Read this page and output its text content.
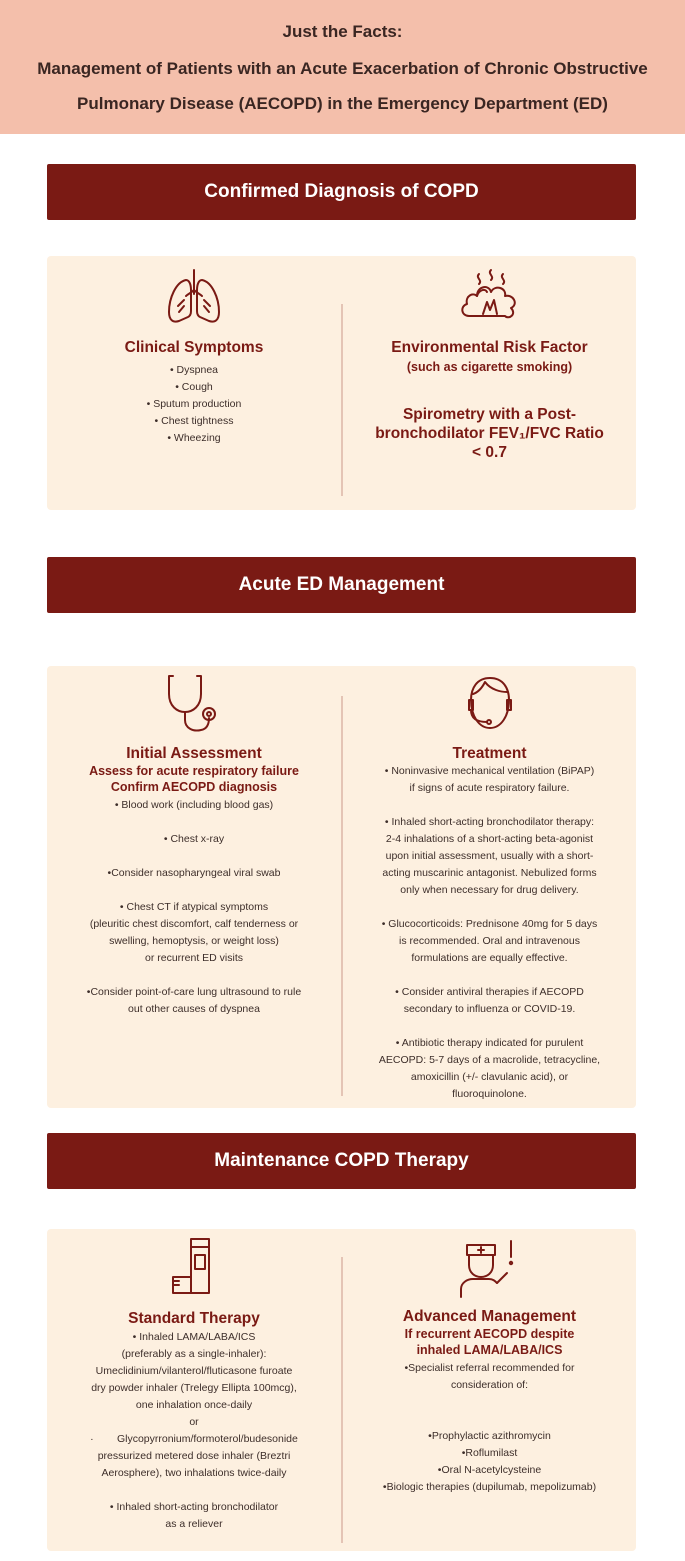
Just the Facts:
Management of Patients with an Acute Exacerbation of Chronic Obstructive
Pulmonary Disease (AECOPD) in the Emergency Department (ED)
Confirmed Diagnosis of COPD
Clinical Symptoms
• Dyspnea
• Cough
• Sputum production
• Chest tightness
• Wheezing
Environmental Risk Factor
(such as cigarette smoking)
Spirometry with a Post-
bronchodilator FEV₁/FVC Ratio
< 0.7
Acute ED Management
Initial Assessment
Assess for acute respiratory failure
Confirm AECOPD diagnosis
• Blood work (including blood gas)
• Chest x-ray
•Consider nasopharyngeal viral swab
• Chest CT if atypical symptoms
(pleuritic chest discomfort, calf tenderness or
swelling, hemoptysis, or weight loss)
or recurrent ED visits
•Consider point-of-care lung ultrasound to rule
out other causes of dyspnea
Treatment
• Noninvasive mechanical ventilation (BiPAP)
if signs of acute respiratory failure.
• Inhaled short-acting bronchodilator therapy:
2-4 inhalations of a short-acting beta-agonist
upon initial assessment, usually with a short-
acting muscarinic antagonist. Nebulized forms
only when necessary for drug delivery.
• Glucocorticoids: Prednisone 40mg for 5 days
is recommended. Oral and intravenous
formulations are equally effective.
• Consider antiviral therapies if AECOPD
secondary to influenza or COVID-19.
• Antibiotic therapy indicated for purulent
AECOPD: 5-7 days of a macrolide, tetracycline,
amoxicillin (+/- clavulanic acid), or
fluoroquinolone.
Maintenance COPD Therapy
Standard Therapy
• Inhaled LAMA/LABA/ICS
(preferably as a single-inhaler):
Umeclidinium/vilanterol/fluticasone furoate
dry powder inhaler (Trelegy Ellipta 100mcg),
one inhalation once-daily
or
·        Glycopyrronium/formoterol/budesonide
pressurized metered dose inhaler (Breztri
Aerosphere), two inhalations twice-daily
• Inhaled short-acting bronchodilator
as a reliever
Advanced Management
If recurrent AECOPD despite
inhaled LAMA/LABA/ICS
•Specialist referral recommended for
consideration of:
•Prophylactic azithromycin
•Roflumilast
•Oral N-acetylcysteine
•Biologic therapies (dupilumab, mepolizumab)
